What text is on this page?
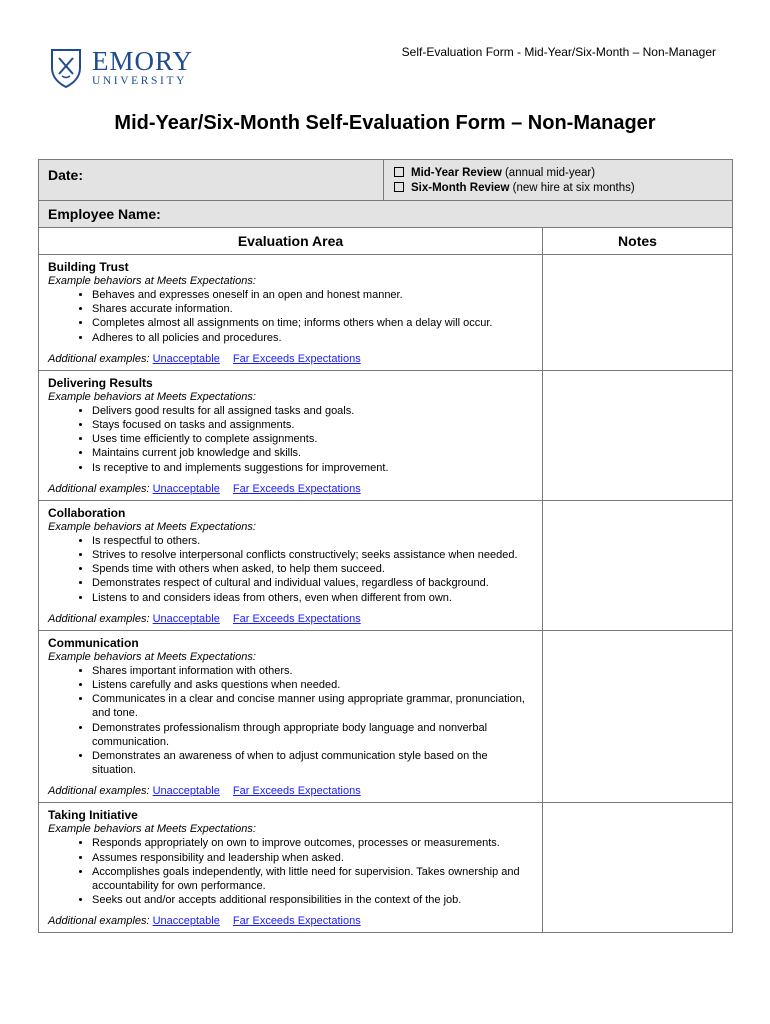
EMORY
UNIVERSITY
Self-Evaluation Form - Mid-Year/Six-Month – Non-Manager
Mid-Year/Six-Month Self-Evaluation Form – Non-Manager
Date:	Mid-Year Review (annual mid-year)
Six-Month Review (new hire at six months)
Employee Name:
Evaluation Area	Notes
Building Trust
Example behaviors at Meets Expectations:
• Behaves and expresses oneself in an open and honest manner.
• Shares accurate information.
• Completes almost all assignments on time; informs others when a delay will occur.
• Adheres to all policies and procedures.
Additional examples: Unacceptable Far Exceeds Expectations
Delivering Results
Example behaviors at Meets Expectations:
• Delivers good results for all assigned tasks and goals.
• Stays focused on tasks and assignments.
• Uses time efficiently to complete assignments.
• Maintains current job knowledge and skills.
• Is receptive to and implements suggestions for improvement.
Additional examples: Unacceptable Far Exceeds Expectations
Collaboration
Example behaviors at Meets Expectations:
• Is respectful to others.
• Strives to resolve interpersonal conflicts constructively; seeks assistance when needed.
• Spends time with others when asked, to help them succeed.
• Demonstrates respect of cultural and individual values, regardless of background.
• Listens to and considers ideas from others, even when different from own.
Additional examples: Unacceptable Far Exceeds Expectations
Communication
Example behaviors at Meets Expectations:
• Shares important information with others.
• Listens carefully and asks questions when needed.
• Communicates in a clear and concise manner using appropriate grammar, pronunciation, and tone.
• Demonstrates professionalism through appropriate body language and nonverbal communication.
• Demonstrates an awareness of when to adjust communication style based on the situation.
Additional examples: Unacceptable Far Exceeds Expectations
Taking Initiative
Example behaviors at Meets Expectations:
• Responds appropriately on own to improve outcomes, processes or measurements.
• Assumes responsibility and leadership when asked.
• Accomplishes goals independently, with little need for supervision. Takes ownership and accountability for own performance.
• Seeks out and/or accepts additional responsibilities in the context of the job.
Additional examples: Unacceptable Far Exceeds Expectations
